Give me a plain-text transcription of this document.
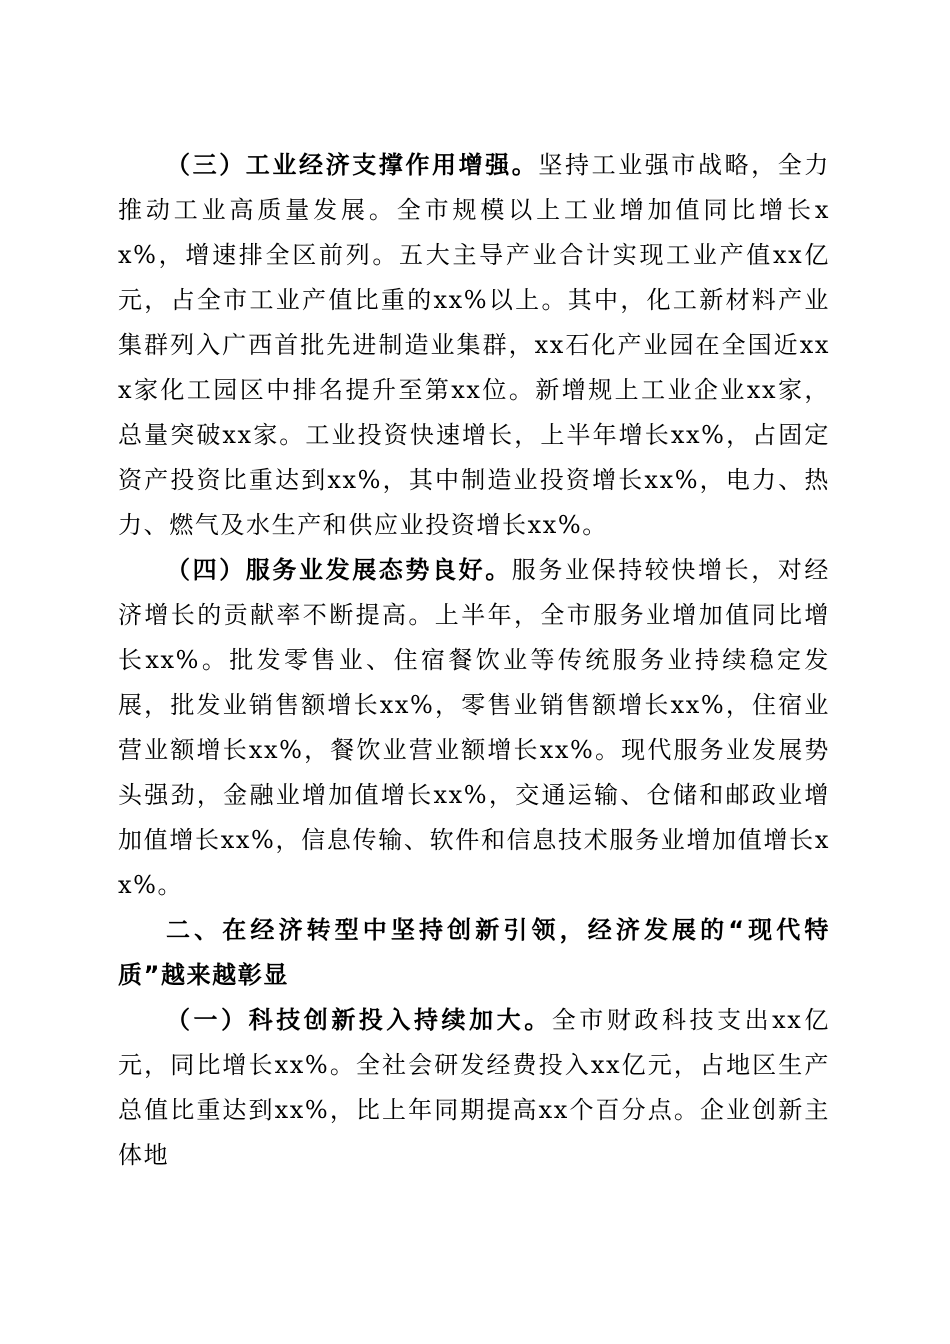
（三）工业经济支撑作用增强。坚持工业强市战略，全力推动工业高质量发展。全市规模以上工业增加值同比增长xx%，增速排全区前列。五大主导产业合计实现工业产值xx亿元，占全市工业产值比重的xx%以上。其中，化工新材料产业集群列入广西首批先进制造业集群，xx石化产业园在全国近xxx家化工园区中排名提升至第xx位。新增规上工业企业xx家，总量突破xx家。工业投资快速增长，上半年增长xx%，占固定资产投资比重达到xx%，其中制造业投资增长xx%，电力、热力、燃气及水生产和供应业投资增长xx%。

（四）服务业发展态势良好。服务业保持较快增长，对经济增长的贡献率不断提高。上半年，全市服务业增加值同比增长xx%。批发零售业、住宿餐饮业等传统服务业持续稳定发展，批发业销售额增长xx%，零售业销售额增长xx%，住宿业营业额增长xx%，餐饮业营业额增长xx%。现代服务业发展势头强劲，金融业增加值增长xx%，交通运输、仓储和邮政业增加值增长xx%，信息传输、软件和信息技术服务业增加值增长xx%。

二、在经济转型中坚持创新引领，经济发展的“现代特质”越来越彰显

（一）科技创新投入持续加大。全市财政科技支出xx亿元，同比增长xx%。全社会研发经费投入xx亿元，占地区生产总值比重达到xx%，比上年同期提高xx个百分点。企业创新主体地
